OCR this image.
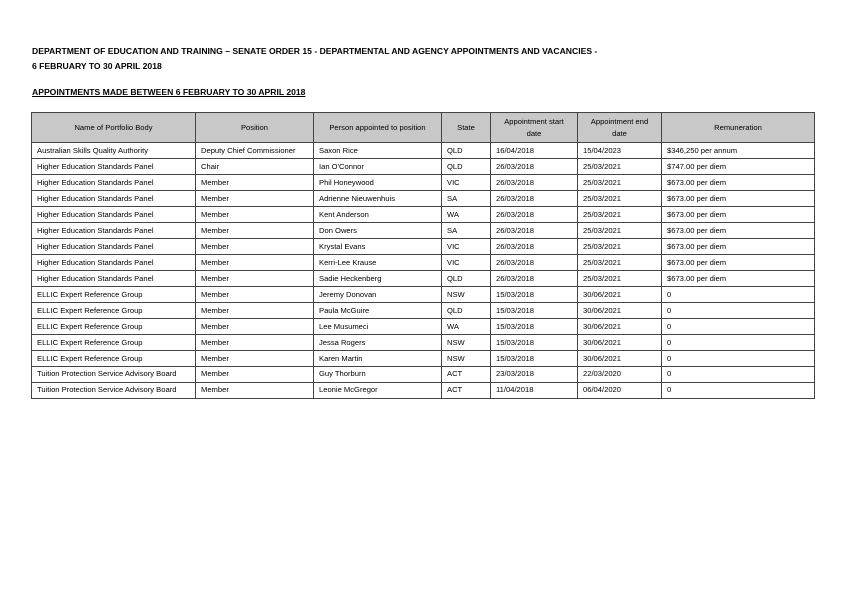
DEPARTMENT OF EDUCATION AND TRAINING – SENATE ORDER 15 - DEPARTMENTAL AND AGENCY APPOINTMENTS AND VACANCIES -
6 FEBRUARY TO 30 APRIL 2018
APPOINTMENTS MADE BETWEEN 6 FEBRUARY TO 30 APRIL 2018
Name of Portfolio Body	Position	Person appointed to position	State	Appointment start date	Appointment end date	Remuneration
Australian Skills Quality Authority	Deputy Chief Commissioner	Saxon Rice	QLD	16/04/2018	15/04/2023	$346,250 per annum
Higher Education Standards Panel	Chair	Ian O'Connor	QLD	26/03/2018	25/03/2021	$747.00 per diem
Higher Education Standards Panel	Member	Phil Honeywood	VIC	26/03/2018	25/03/2021	$673.00 per diem
Higher Education Standards Panel	Member	Adrienne Nieuwenhuis	SA	26/03/2018	25/03/2021	$673.00 per diem
Higher Education Standards Panel	Member	Kent Anderson	WA	26/03/2018	25/03/2021	$673.00 per diem
Higher Education Standards Panel	Member	Don Owers	SA	26/03/2018	25/03/2021	$673.00 per diem
Higher Education Standards Panel	Member	Krystal Evans	VIC	26/03/2018	25/03/2021	$673.00 per diem
Higher Education Standards Panel	Member	Kerri-Lee Krause	VIC	26/03/2018	25/03/2021	$673.00 per diem
Higher Education Standards Panel	Member	Sadie Heckenberg	QLD	26/03/2018	25/03/2021	$673.00 per diem
ELLIC Expert Reference Group	Member	Jeremy Donovan	NSW	15/03/2018	30/06/2021	0
ELLIC Expert Reference Group	Member	Paula McGuire	QLD	15/03/2018	30/06/2021	0
ELLIC Expert Reference Group	Member	Lee Musumeci	WA	15/03/2018	30/06/2021	0
ELLIC Expert Reference Group	Member	Jessa Rogers	NSW	15/03/2018	30/06/2021	0
ELLIC Expert Reference Group	Member	Karen Martin	NSW	15/03/2018	30/06/2021	0
Tuition Protection Service Advisory Board	Member	Guy Thorburn	ACT	23/03/2018	22/03/2020	0
Tuition Protection Service Advisory Board	Member	Leonie McGregor	ACT	11/04/2018	06/04/2020	0
